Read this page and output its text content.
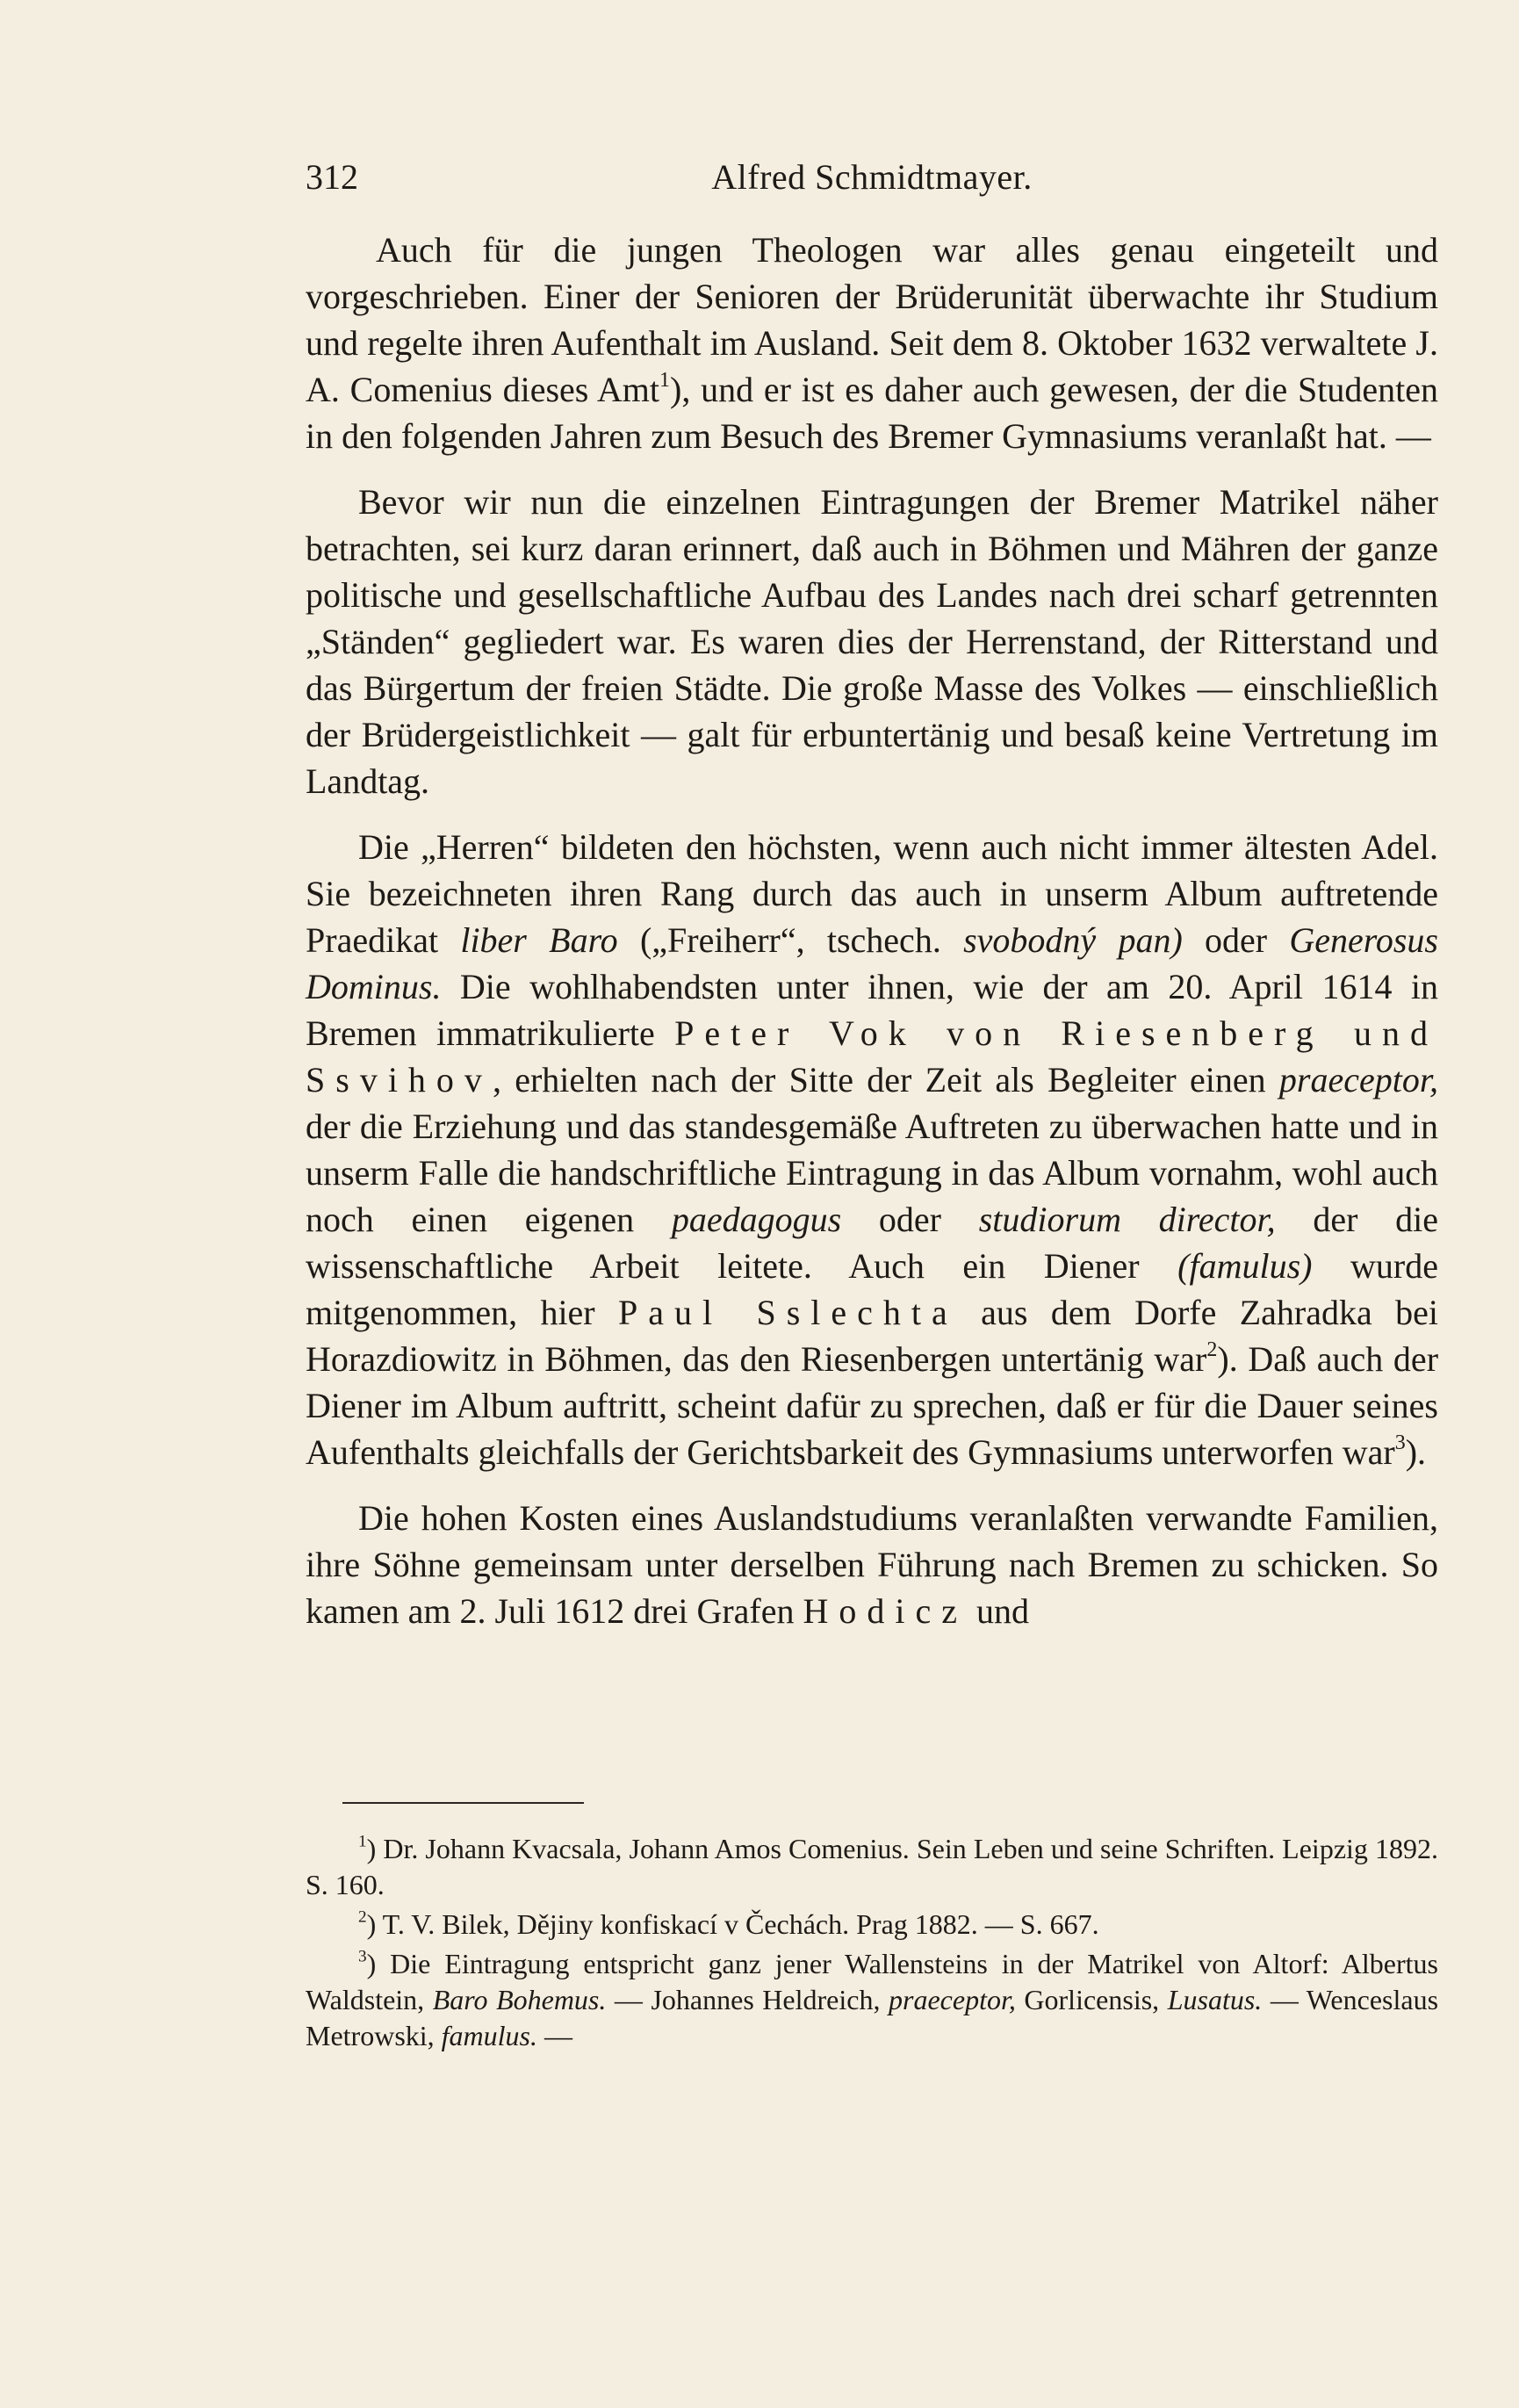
312	Alfred Schmidtmayer.

Auch für die jungen Theologen war alles genau eingeteilt und vorgeschrieben. Einer der Senioren der Brüderunität überwachte ihr Studium und regelte ihren Aufenthalt im Ausland. Seit dem 8. Oktober 1632 verwaltete J. A. Comenius dieses Amt$^1$), und er ist es daher auch gewesen, der die Studenten in den folgenden Jahren zum Besuch des Bremer Gymnasiums veranlaßt hat. —

Bevor wir nun die einzelnen Eintragungen der Bremer Matrikel näher betrachten, sei kurz daran erinnert, daß auch in Böhmen und Mähren der ganze politische und gesellschaftliche Aufbau des Landes nach drei scharf getrennten „Ständen“ gegliedert war. Es waren dies der Herrenstand, der Ritterstand und das Bürgertum der freien Städte. Die große Masse des Volkes — einschließlich der Brüdergeistlichkeit — galt für erbuntertänig und besaß keine Vertretung im Landtag.

Die „Herren“ bildeten den höchsten, wenn auch nicht immer ältesten Adel. Sie bezeichneten ihren Rang durch das auch in unserm Album auftretende Praedikat liber Baro („Freiherr“, tschech. svobodný pan) oder Generosus Dominus. Die wohlhabendsten unter ihnen, wie der am 20. April 1614 in Bremen immatrikulierte Peter Vok von Riesenberg und Ssvihov, erhielten nach der Sitte der Zeit als Begleiter einen praeceptor, der die Erziehung und das standesgemäße Auftreten zu überwachen hatte und in unserm Falle die handschriftliche Eintragung in das Album vornahm, wohl auch noch einen eigenen paedagogus oder studiorum director, der die wissenschaftliche Arbeit leitete. Auch ein Diener (famulus) wurde mitgenommen, hier Paul Sslechta aus dem Dorfe Zahradka bei Horazdiowitz in Böhmen, das den Riesenbergen untertänig war$^2$). Daß auch der Diener im Album auftritt, scheint dafür zu sprechen, daß er für die Dauer seines Aufenthalts gleichfalls der Gerichtsbarkeit des Gymnasiums unterworfen war$^3$).

Die hohen Kosten eines Auslandstudiums veranlaßten verwandte Familien, ihre Söhne gemeinsam unter derselben Führung nach Bremen zu schicken. So kamen am 2. Juli 1612 drei Grafen Hodicz und

$^1$) Dr. Johann Kvacsala, Johann Amos Comenius. Sein Leben und seine Schriften. Leipzig 1892. S. 160.

$^2$) T. V. Bilek, Dějiny konfiskací v Čechách. Prag 1882. — S. 667.

$^3$) Die Eintragung entspricht ganz jener Wallensteins in der Matrikel von Altorf: Albertus Waldstein, Baro Bohemus. — Johannes Heldreich, praeceptor, Gorlicensis, Lusatus. — Wenceslaus Metrowski, famulus. —
